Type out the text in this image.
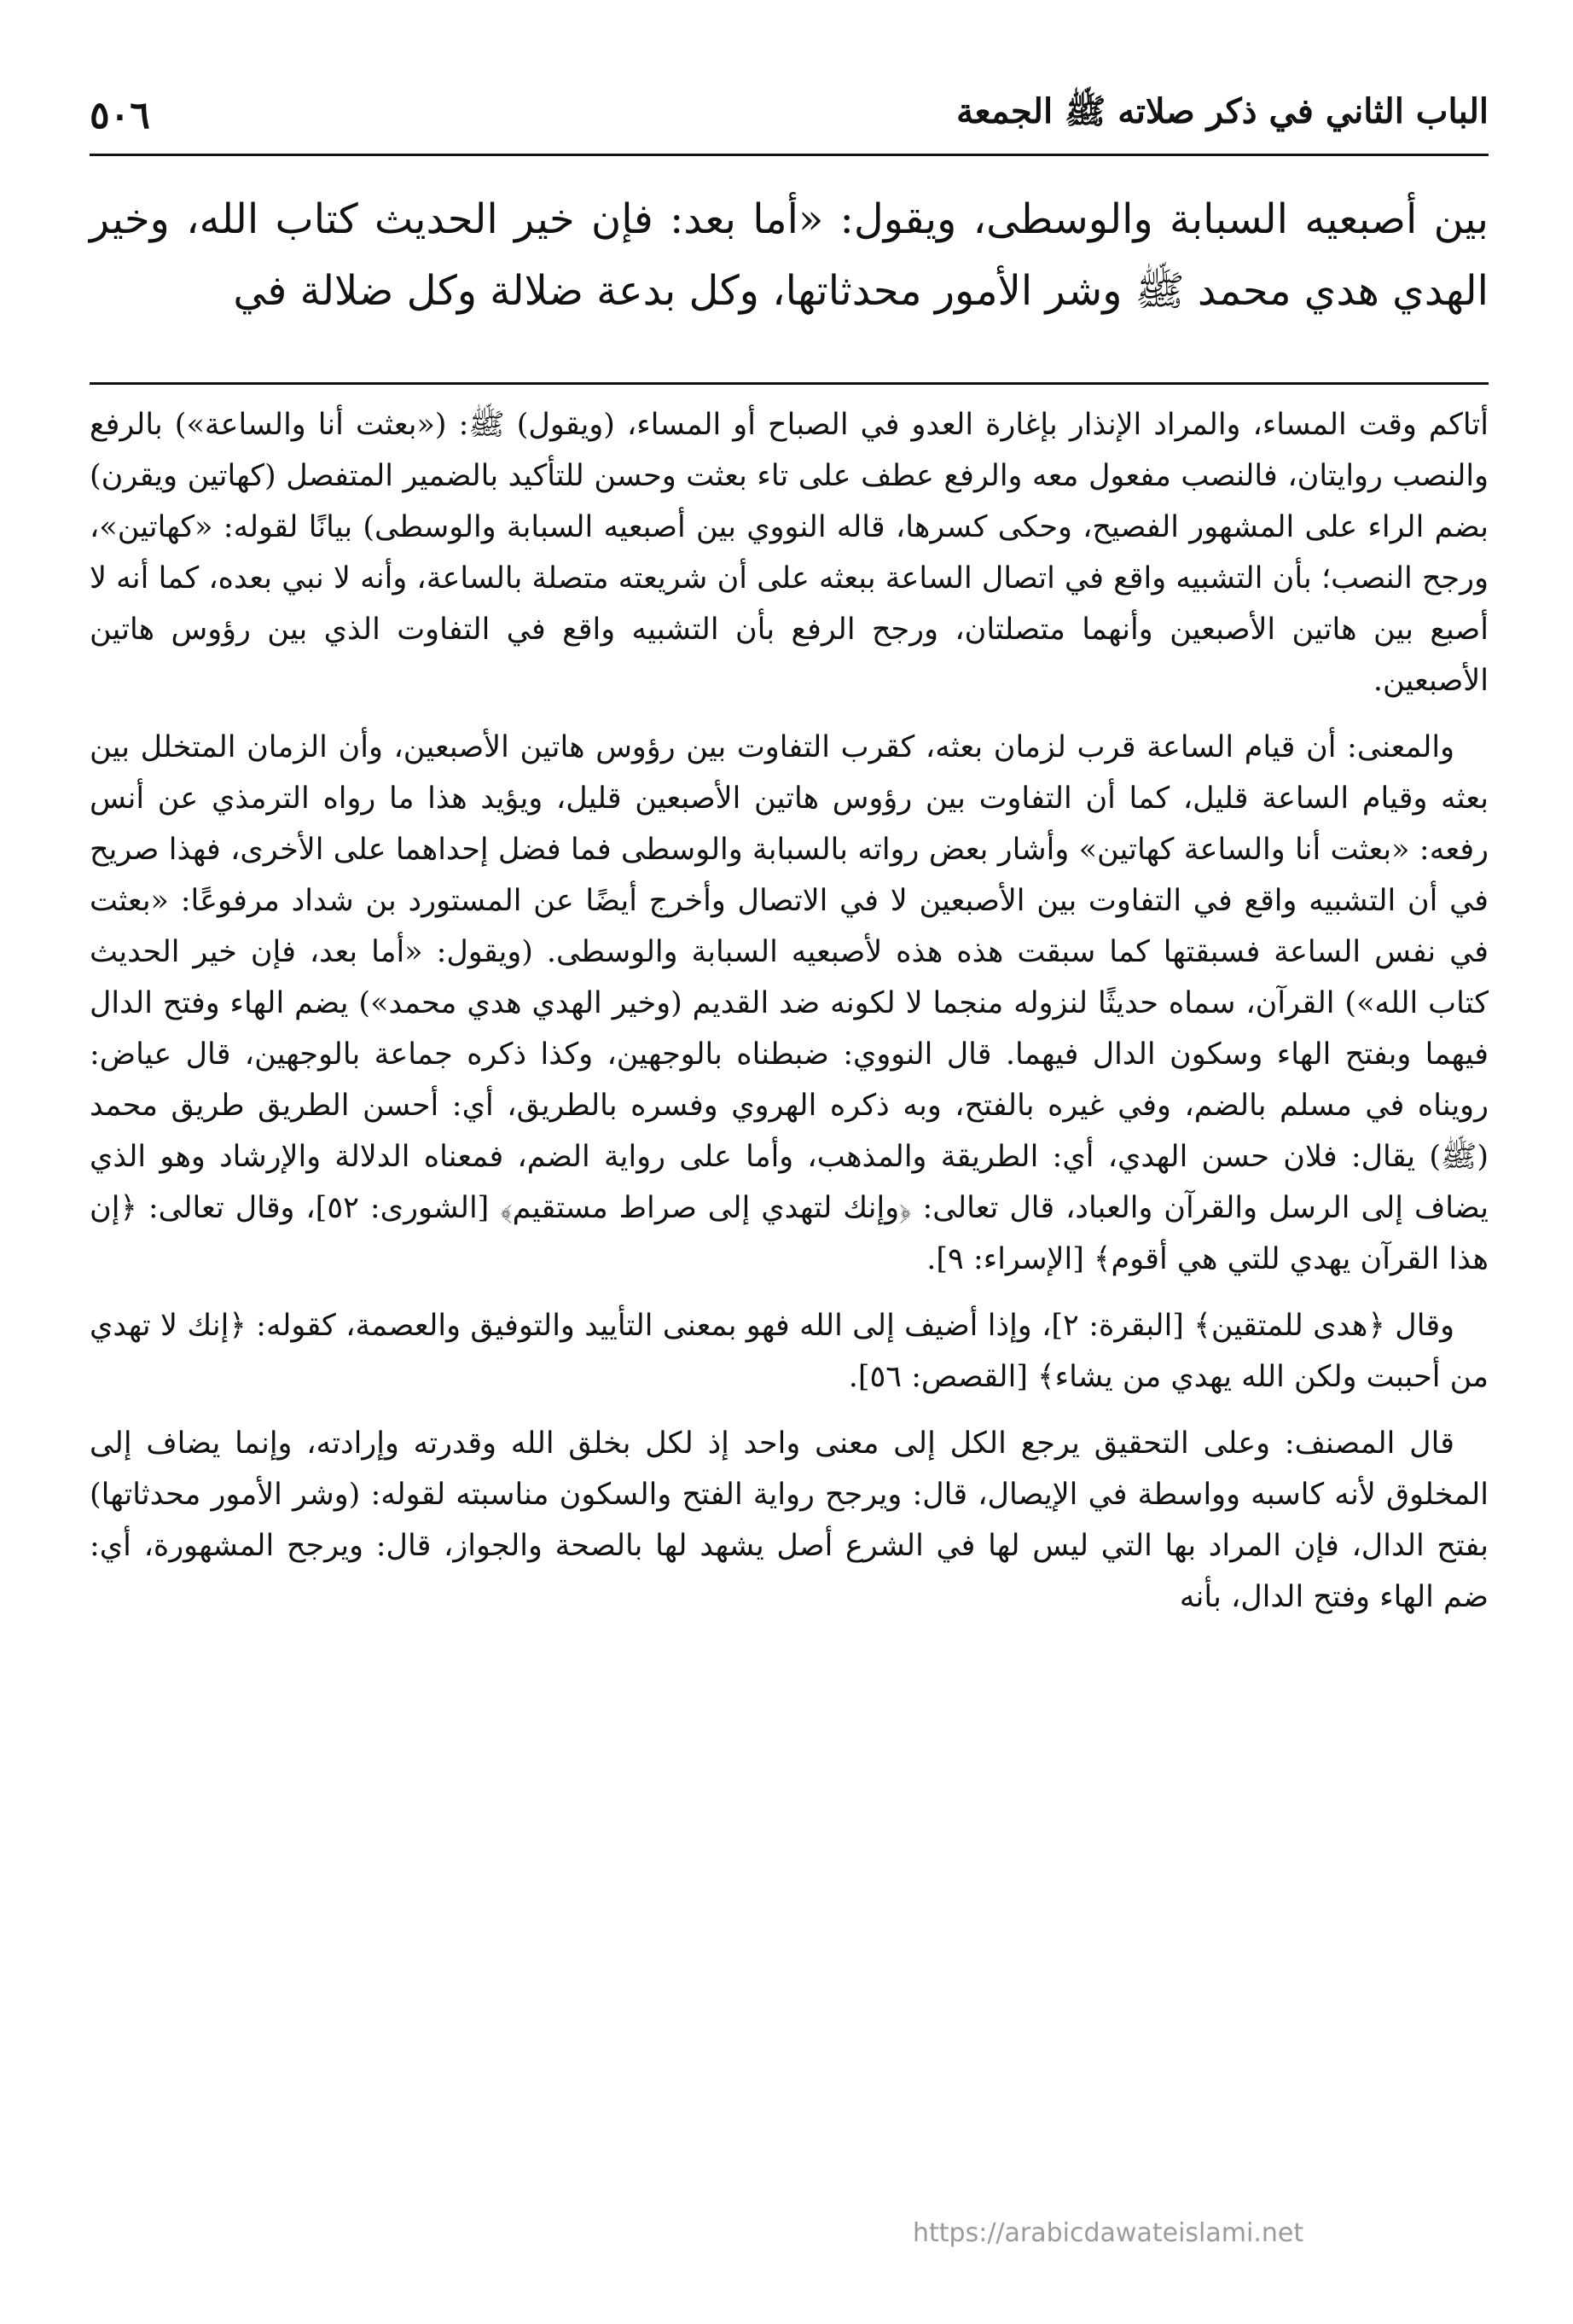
الباب الثاني في ذكر صلاته ﷺ الجمعة
٥٠٦
بين أصبعيه السبابة والوسطى، ويقول: «أما بعد: فإن خير الحديث كتاب الله، وخير الهدي هدي محمد ﷺ وشر الأمور محدثاتها، وكل بدعة ضلالة وكل ضلالة في

أتاكم وقت المساء، والمراد الإنذار بإغارة العدو في الصباح أو المساء، (ويقول) ﷺ: («بعثت أنا والساعة») بالرفع والنصب روايتان، فالنصب مفعول معه والرفع عطف على تاء بعثت وحسن للتأكيد بالضمير المتفصل (كهاتين ويقرن) بضم الراء على المشهور الفصيح، وحكى كسرها، قاله النووي بين أصبعيه السبابة والوسطى) بيانًا لقوله: «كهاتين»، ورجح النصب؛ بأن التشبيه واقع في اتصال الساعة ببعثه على أن شريعته متصلة بالساعة، وأنه لا نبي بعده، كما أنه لا أصبع بين هاتين الأصبعين وأنهما متصلتان، ورجح الرفع بأن التشبيه واقع في التفاوت الذي بين رؤوس هاتين الأصبعين.

والمعنى: أن قيام الساعة قرب لزمان بعثه، كقرب التفاوت بين رؤوس هاتين الأصبعين، وأن الزمان المتخلل بين بعثه وقيام الساعة قليل، كما أن التفاوت بين رؤوس هاتين الأصبعين قليل، ويؤيد هذا ما رواه الترمذي عن أنس رفعه: «بعثت أنا والساعة كهاتين» وأشار بعض رواته بالسبابة والوسطى فما فضل إحداهما على الأخرى، فهذا صريح في أن التشبيه واقع في التفاوت بين الأصبعين لا في الاتصال وأخرج أيضًا عن المستورد بن شداد مرفوعًا: «بعثت في نفس الساعة فسبقتها كما سبقت هذه هذه لأصبعيه السبابة والوسطى. (ويقول: «أما بعد، فإن خير الحديث كتاب الله») القرآن، سماه حديثًا لنزوله منجما لا لكونه ضد القديم (وخير الهدي هدي محمد») يضم الهاء وفتح الدال فيهما وبفتح الهاء وسكون الدال فيهما. قال النووي: ضبطناه بالوجهين، وكذا ذكره جماعة بالوجهين، قال عياض: رويناه في مسلم بالضم، وفي غيره بالفتح، وبه ذكره الهروي وفسره بالطريق، أي: أحسن الطريق طريق محمد (ﷺ) يقال: فلان حسن الهدي، أي: الطريقة والمذهب، وأما على رواية الضم، فمعناه الدلالة والإرشاد وهو الذي يضاف إلى الرسل والقرآن والعباد، قال تعالى: ﴿وإنك لتهدي إلى صراط مستقيم﴾ [الشورى: ٥٢]، وقال تعالى: ﴿إن هذا القرآن يهدي للتي هي أقوم﴾ [الإسراء: ٩].

وقال ﴿هدى للمتقين﴾ [البقرة: ٢]، وإذا أضيف إلى الله فهو بمعنى التأييد والتوفيق والعصمة، كقوله: ﴿إنك لا تهدي من أحببت ولكن الله يهدي من يشاء﴾ [القصص: ٥٦].

قال المصنف: وعلى التحقيق يرجع الكل إلى معنى واحد إذ لكل بخلق الله وقدرته وإرادته، وإنما يضاف إلى المخلوق لأنه كاسبه وواسطة في الإيصال، قال: ويرجح رواية الفتح والسكون مناسبته لقوله: (وشر الأمور محدثاتها) بفتح الدال، فإن المراد بها التي ليس لها في الشرع أصل يشهد لها بالصحة والجواز، قال: ويرجح المشهورة، أي: ضم الهاء وفتح الدال، بأنه

https://arabicdawateislami.net
